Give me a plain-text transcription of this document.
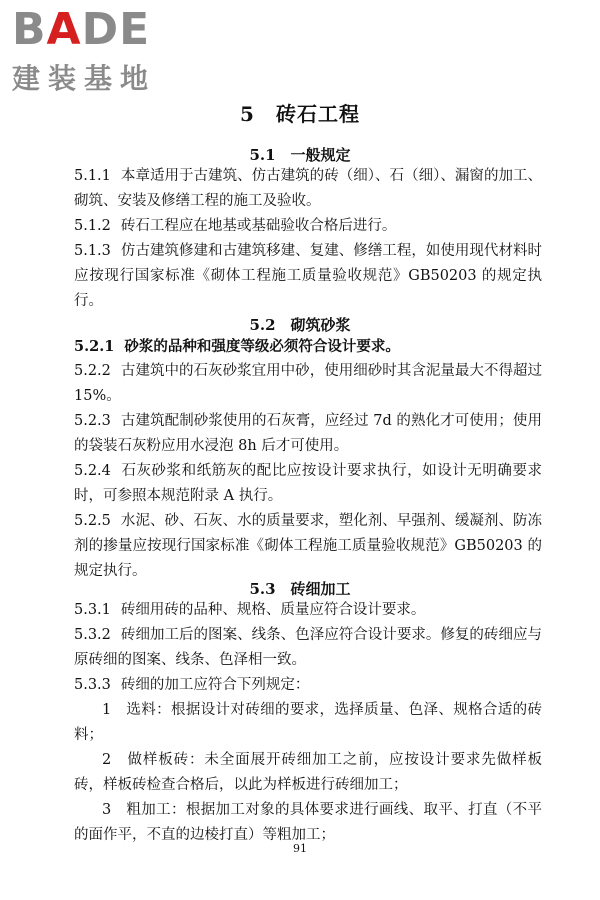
BADE
建装基地
5　砖石工程
5.1　一般规定

5.1.1 本章适用于古建筑、仿古建筑的砖（细）、石（细）、漏窗的加工、砌筑、安装及修缮工程的施工及验收。

5.1.2 砖石工程应在地基或基础验收合格后进行。

5.1.3 仿古建筑修建和古建筑移建、复建、修缮工程，如使用现代材料时应按现行国家标准《砌体工程施工质量验收规范》GB50203 的规定执行。

5.2　砌筑砂浆

5.2.1 砂浆的品种和强度等级必须符合设计要求。

5.2.2 古建筑中的石灰砂浆宜用中砂，使用细砂时其含泥量最大不得超过 15%。

5.2.3 古建筑配制砂浆使用的石灰膏，应经过 7d 的熟化才可使用；使用的袋装石灰粉应用水浸泡 8h 后才可使用。

5.2.4 石灰砂浆和纸筋灰的配比应按设计要求执行，如设计无明确要求时，可参照本规范附录 A 执行。

5.2.5 水泥、砂、石灰、水的质量要求，塑化剂、早强剂、缓凝剂、防冻剂的掺量应按现行国家标准《砌体工程施工质量验收规范》GB50203 的规定执行。

5.3　砖细加工

5.3.1 砖细用砖的品种、规格、质量应符合设计要求。

5.3.2 砖细加工后的图案、线条、色泽应符合设计要求。修复的砖细应与原砖细的图案、线条、色泽相一致。

5.3.3 砖细的加工应符合下列规定：

1　选料：根据设计对砖细的要求，选择质量、色泽、规格合适的砖料；

2　做样板砖：未全面展开砖细加工之前，应按设计要求先做样板砖，样板砖检查合格后，以此为样板进行砖细加工；

3　粗加工：根据加工对象的具体要求进行画线、取平、打直（不平的面作平，不直的边棱打直）等粗加工；

91
